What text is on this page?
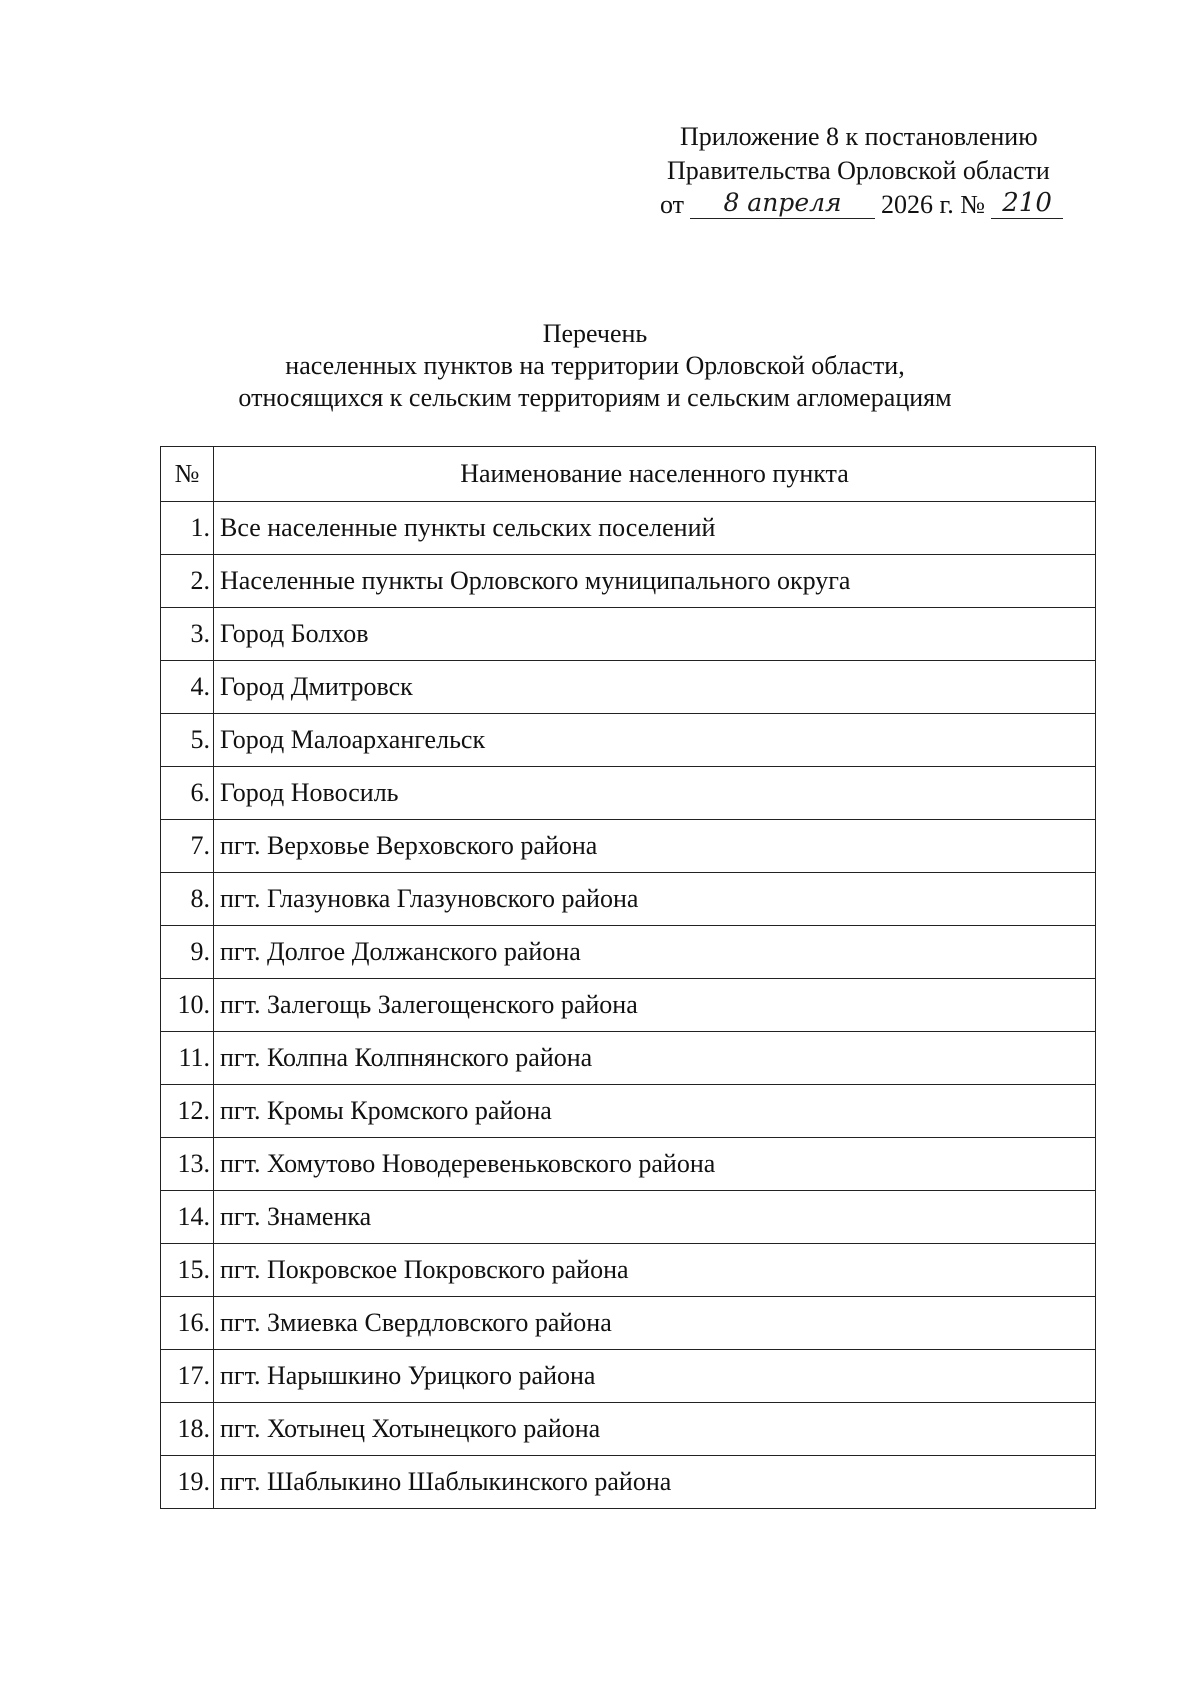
Приложение 8 к постановлению
Правительства Орловской области
от	8 апреля	2026 г. № 210
Перечень
населенных пунктов на территории Орловской области,
относящихся к сельским территориям и сельским агломерациям
№	Наименование населенного пункта
1.	Все населенные пункты сельских поселений
2.	Населенные пункты Орловского муниципального округа
3.	Город Болхов
4.	Город Дмитровск
5.	Город Малоархангельск
6.	Город Новосиль
7.	пгт. Верховье Верховского района
8.	пгт. Глазуновка Глазуновского района
9.	пгт. Долгое Должанского района
10.	пгт. Залегощь Залегощенского района
11.	пгт. Колпна Колпнянского района
12.	пгт. Кромы Кромского района
13.	пгт. Хомутово Новодеревеньковского района
14.	пгт. Знаменка
15.	пгт. Покровское Покровского района
16.	пгт. Змиевка Свердловского района
17.	пгт. Нарышкино Урицкого района
18.	пгт. Хотынец Хотынецкого района
19.	пгт. Шаблыкино Шаблыкинского района
